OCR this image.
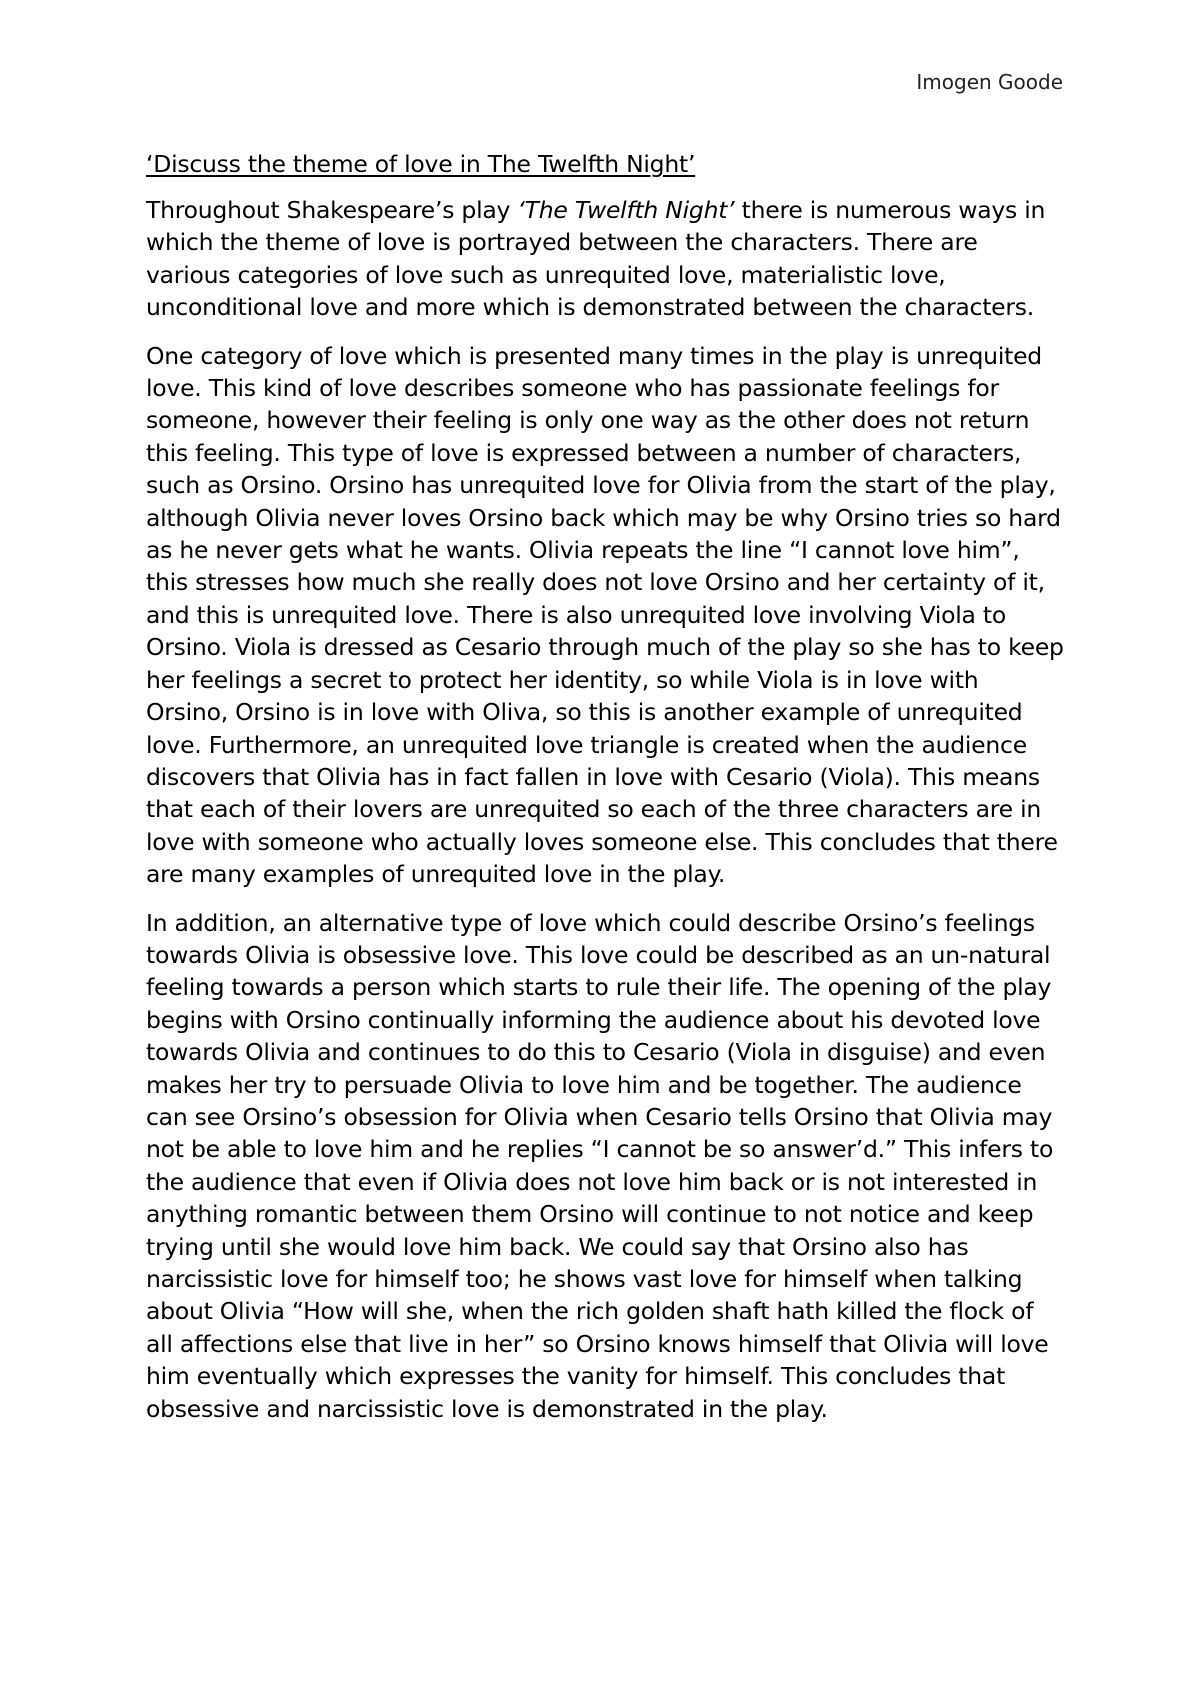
Imogen Goode
‘Discuss the theme of love in The Twelfth Night’

Throughout Shakespeare’s play ‘The Twelfth Night’ there is numerous ways in which the theme of love is portrayed between the characters. There are various categories of love such as unrequited love, materialistic love, unconditional love and more which is demonstrated between the characters.

One category of love which is presented many times in the play is unrequited love. This kind of love describes someone who has passionate feelings for someone, however their feeling is only one way as the other does not return this feeling. This type of love is expressed between a number of characters, such as Orsino. Orsino has unrequited love for Olivia from the start of the play, although Olivia never loves Orsino back which may be why Orsino tries so hard as he never gets what he wants. Olivia repeats the line “I cannot love him”, this stresses how much she really does not love Orsino and her certainty of it, and this is unrequited love. There is also unrequited love involving Viola to Orsino. Viola is dressed as Cesario through much of the play so she has to keep her feelings a secret to protect her identity, so while Viola is in love with Orsino, Orsino is in love with Oliva, so this is another example of unrequited love. Furthermore, an unrequited love triangle is created when the audience discovers that Olivia has in fact fallen in love with Cesario (Viola). This means that each of their lovers are unrequited so each of the three characters are in love with someone who actually loves someone else. This concludes that there are many examples of unrequited love in the play.

In addition, an alternative type of love which could describe Orsino’s feelings towards Olivia is obsessive love. This love could be described as an un-natural feeling towards a person which starts to rule their life. The opening of the play begins with Orsino continually informing the audience about his devoted love towards Olivia and continues to do this to Cesario (Viola in disguise) and even makes her try to persuade Olivia to love him and be together. The audience can see Orsino’s obsession for Olivia when Cesario tells Orsino that Olivia may not be able to love him and he replies “I cannot be so answer’d.” This infers to the audience that even if Olivia does not love him back or is not interested in anything romantic between them Orsino will continue to not notice and keep trying until she would love him back. We could say that Orsino also has narcissistic love for himself too; he shows vast love for himself when talking about Olivia “How will she, when the rich golden shaft hath killed the flock of all affections else that live in her” so Orsino knows himself that Olivia will love him eventually which expresses the vanity for himself. This concludes that obsessive and narcissistic love is demonstrated in the play.
